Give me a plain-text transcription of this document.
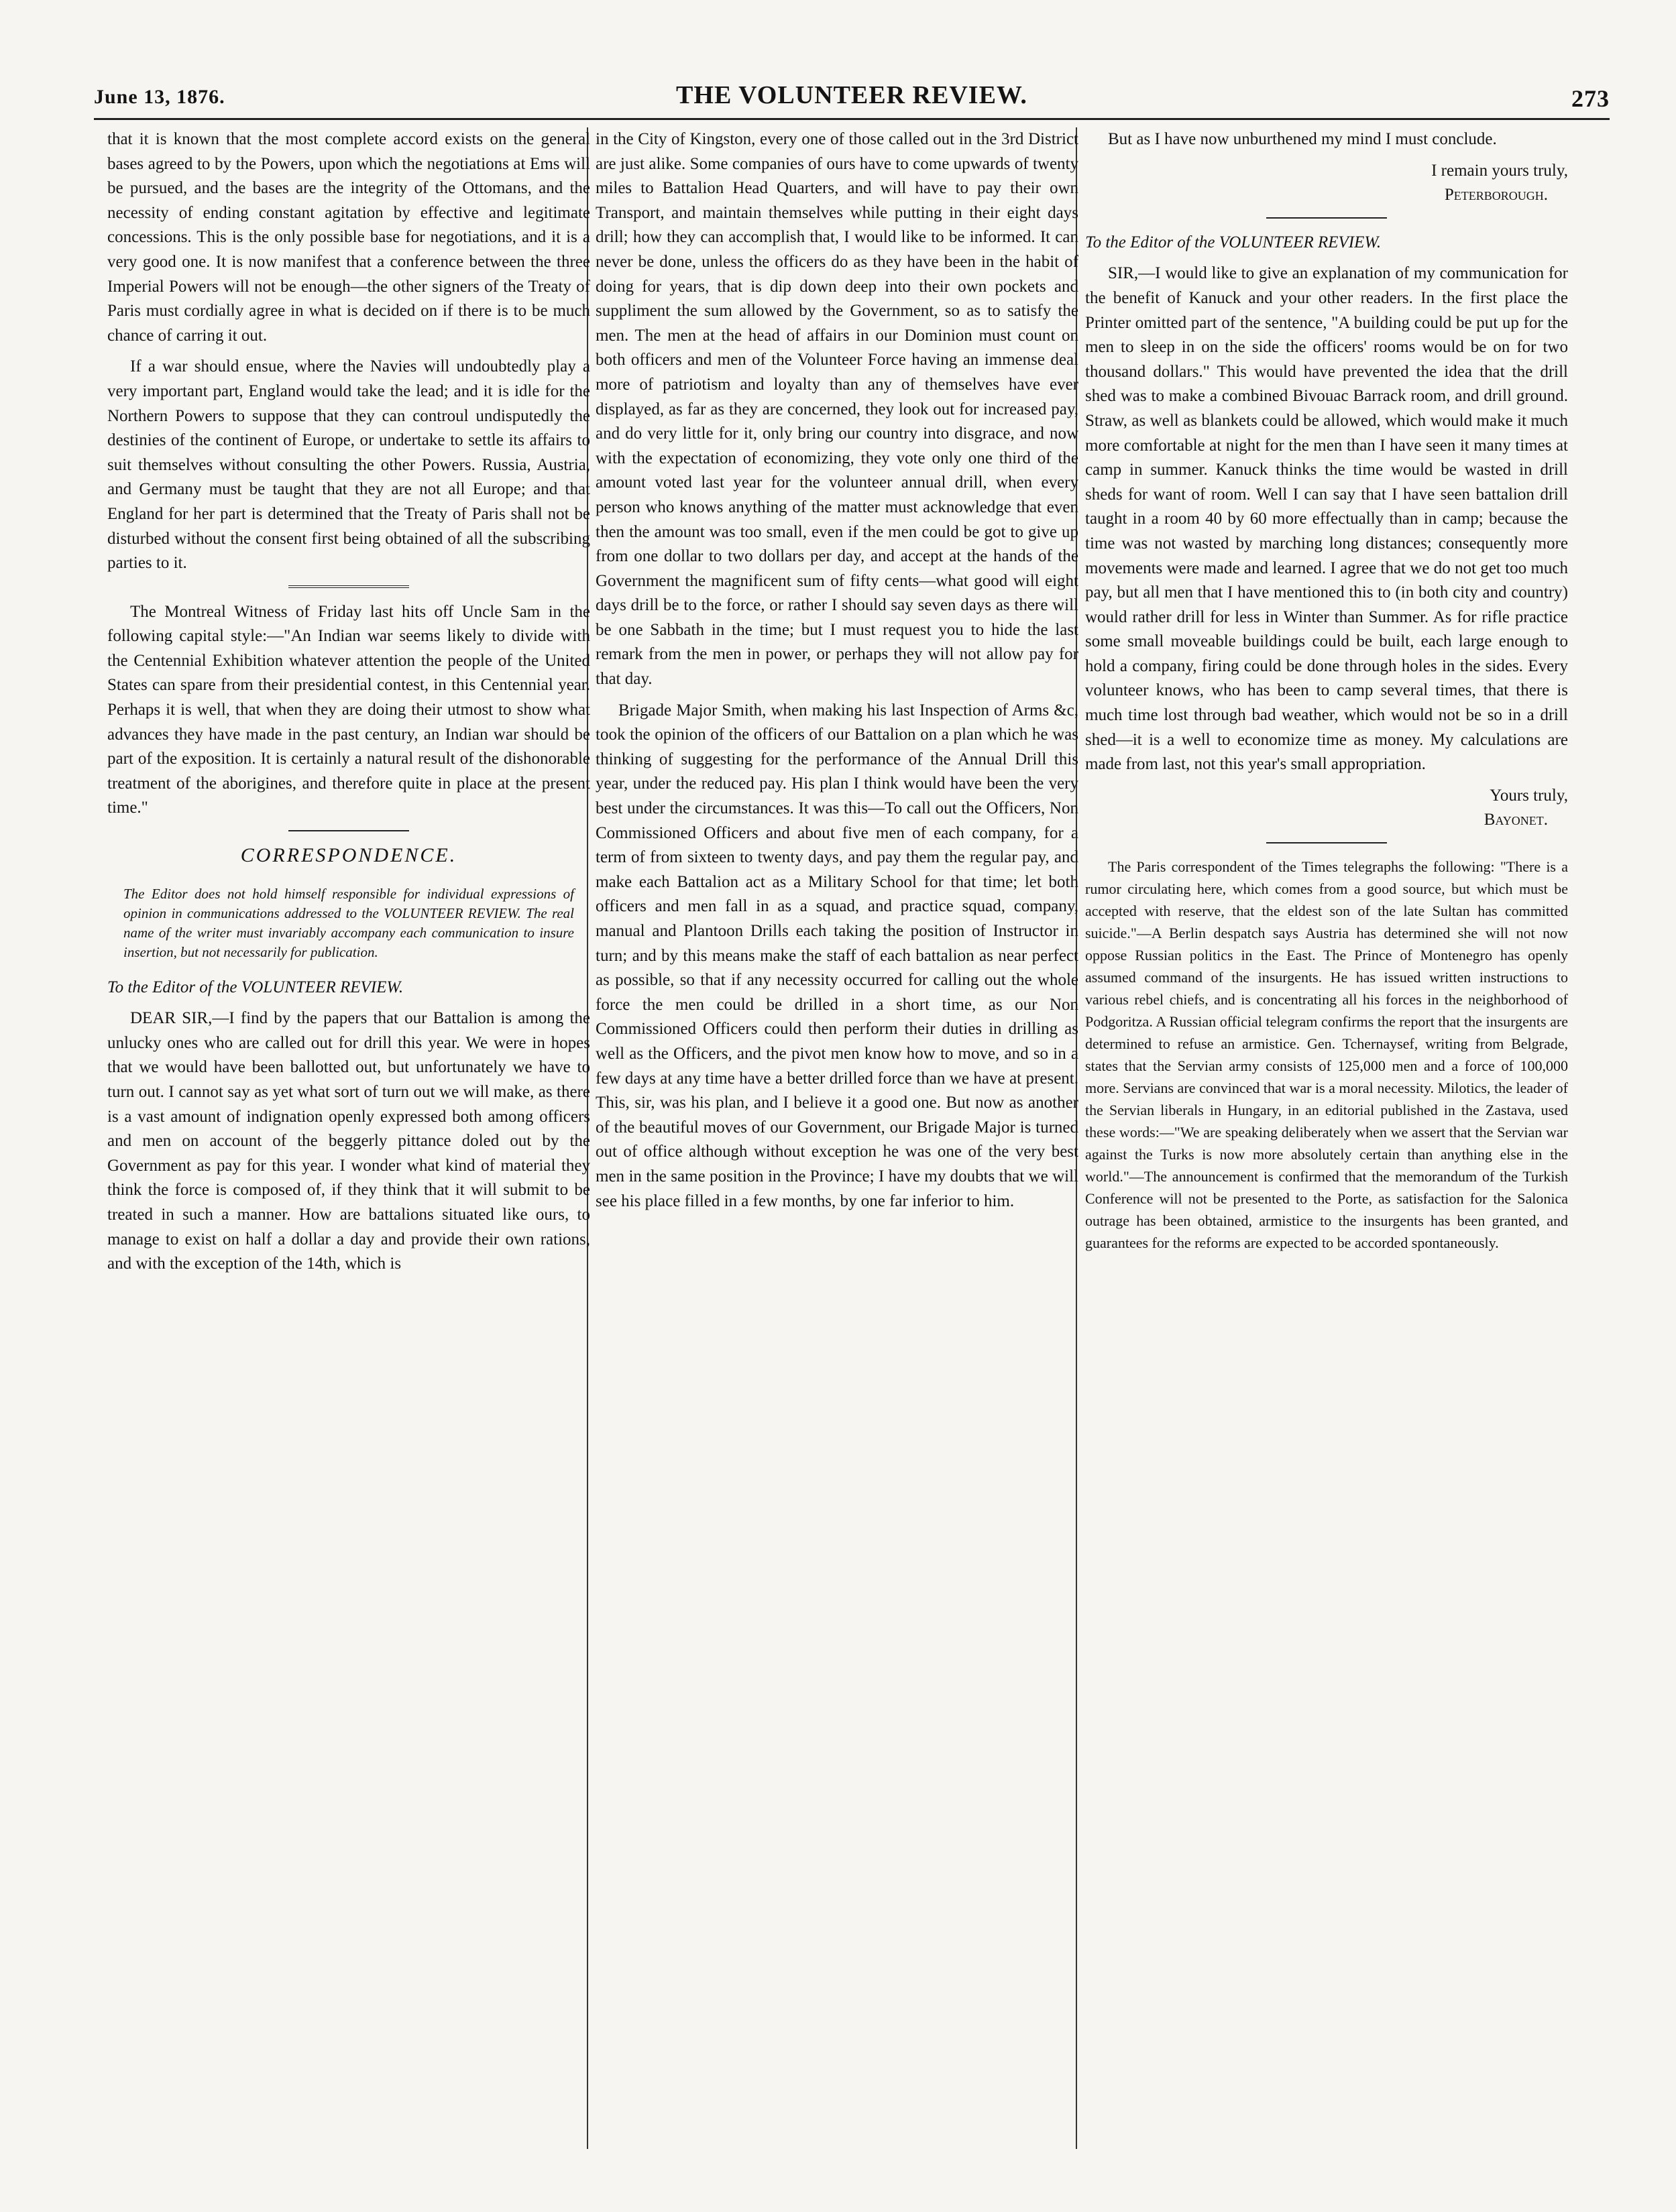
June 13, 1876.	THE VOLUNTEER REVIEW.	273

that it is known that the most complete accord exists on the general bases agreed to by the Powers, upon which the negotiations at Ems will be pursued, and the bases are the integrity of the Ottomans, and the necessity of ending constant agitation by effective and legitimate concessions. This is the only possible base for negotiations, and it is a very good one. It is now manifest that a conference between the three Imperial Powers will not be enough—the other signers of the Treaty of Paris must cordially agree in what is decided on if there is to be much chance of carring it out.

If a war should ensue, where the Navies will undoubtedly play a very important part, England would take the lead; and it is idle for the Northern Powers to suppose that they can controul undisputedly the destinies of the continent of Europe, or undertake to settle its affairs to suit themselves without consulting the other Powers. Russia, Austria, and Germany must be taught that they are not all Europe; and that England for her part is determined that the Treaty of Paris shall not be disturbed without the consent first being obtained of all the subscribing parties to it.

The Montreal Witness of Friday last hits off Uncle Sam in the following capital style:—"An Indian war seems likely to divide with the Centennial Exhibition whatever attention the people of the United States can spare from their presidential contest, in this Centennial year. Perhaps it is well, that when they are doing their utmost to show what advances they have made in the past century, an Indian war should be part of the exposition. It is certainly a natural result of the dishonorable treatment of the aborigines, and therefore quite in place at the present time."

CORRESPONDENCE.

The Editor does not hold himself responsible for individual expressions of opinion in communications addressed to the VOLUNTEER REVIEW. The real name of the writer must invariably accompany each communication to insure insertion, but not necessarily for publication.

To the Editor of the VOLUNTEER REVIEW.

DEAR SIR,—I find by the papers that our Battalion is among the unlucky ones who are called out for drill this year. We were in hopes that we would have been ballotted out, but unfortunately we have to turn out. I cannot say as yet what sort of turn out we will make, as there is a vast amount of indignation openly expressed both among officers and men on account of the beggerly pittance doled out by the Government as pay for this year. I wonder what kind of material they think the force is composed of, if they think that it will submit to be treated in such a manner. How are battalions situated like ours, to manage to exist on half a dollar a day and provide their own rations, and with the exception of the 14th, which is

in the City of Kingston, every one of those called out in the 3rd District are just alike. Some companies of ours have to come upwards of twenty miles to Battalion Head Quarters, and will have to pay their own Transport, and maintain themselves while putting in their eight days drill; how they can accomplish that, I would like to be informed. It can never be done, unless the officers do as they have been in the habit of doing for years, that is dip down deep into their own pockets and suppliment the sum allowed by the Government, so as to satisfy the men. The men at the head of affairs in our Dominion must count on both officers and men of the Volunteer Force having an immense deal more of patriotism and loyalty than any of themselves have ever displayed, as far as they are concerned, they look out for increased pay, and do very little for it, only bring our country into disgrace, and now with the expectation of economizing, they vote only one third of the amount voted last year for the volunteer annual drill, when every person who knows anything of the matter must acknowledge that even then the amount was too small, even if the men could be got to give up from one dollar to two dollars per day, and accept at the hands of the Government the magnificent sum of fifty cents—what good will eight days drill be to the force, or rather I should say seven days as there will be one Sabbath in the time; but I must request you to hide the last remark from the men in power, or perhaps they will not allow pay for that day.

Brigade Major Smith, when making his last Inspection of Arms &c, took the opinion of the officers of our Battalion on a plan which he was thinking of suggesting for the performance of the Annual Drill this year, under the reduced pay. His plan I think would have been the very best under the circumstances. It was this—To call out the Officers, Non Commissioned Officers and about five men of each company, for a term of from sixteen to twenty days, and pay them the regular pay, and make each Battalion act as a Military School for that time; let both officers and men fall in as a squad, and practice squad, company, manual and Plantoon Drills each taking the position of Instructor in turn; and by this means make the staff of each battalion as near perfect as possible, so that if any necessity occurred for calling out the whole force the men could be drilled in a short time, as our Non Commissioned Officers could then perform their duties in drilling as well as the Officers, and the pivot men know how to move, and so in a few days at any time have a better drilled force than we have at present. This, sir, was his plan, and I believe it a good one. But now as another of the beautiful moves of our Government, our Brigade Major is turned out of office although without exception he was one of the very best men in the same position in the Province; I have my doubts that we will see his place filled in a few months, by one far inferior to him.

But as I have now unburthened my mind I must conclude.

I remain yours truly,

Peterborough.

To the Editor of the VOLUNTEER REVIEW.

SIR,—I would like to give an explanation of my communication for the benefit of Kanuck and your other readers. In the first place the Printer omitted part of the sentence, "A building could be put up for the men to sleep in on the side the officers' rooms would be on for two thousand dollars." This would have prevented the idea that the drill shed was to make a combined Bivouac Barrack room, and drill ground. Straw, as well as blankets could be allowed, which would make it much more comfortable at night for the men than I have seen it many times at camp in summer. Kanuck thinks the time would be wasted in drill sheds for want of room. Well I can say that I have seen battalion drill taught in a room 40 by 60 more effectually than in camp; because the time was not wasted by marching long distances; consequently more movements were made and learned. I agree that we do not get too much pay, but all men that I have mentioned this to (in both city and country) would rather drill for less in Winter than Summer. As for rifle practice some small moveable buildings could be built, each large enough to hold a company, firing could be done through holes in the sides. Every volunteer knows, who has been to camp several times, that there is much time lost through bad weather, which would not be so in a drill shed—it is a well to economize time as money. My calculations are made from last, not this year's small appropriation.

Yours truly,

Bayonet.

The Paris correspondent of the Times telegraphs the following: "There is a rumor circulating here, which comes from a good source, but which must be accepted with reserve, that the eldest son of the late Sultan has committed suicide."—A Berlin despatch says Austria has determined she will not now oppose Russian politics in the East. The Prince of Montenegro has openly assumed command of the insurgents. He has issued written instructions to various rebel chiefs, and is concentrating all his forces in the neighborhood of Podgoritza. A Russian official telegram confirms the report that the insurgents are determined to refuse an armistice. Gen. Tchernaysef, writing from Belgrade, states that the Servian army consists of 125,000 men and a force of 100,000 more. Servians are convinced that war is a moral necessity. Milotics, the leader of the Servian liberals in Hungary, in an editorial published in the Zastava, used these words:—"We are speaking deliberately when we assert that the Servian war against the Turks is now more absolutely certain than anything else in the world."—The announcement is confirmed that the memorandum of the Turkish Conference will not be presented to the Porte, as satisfaction for the Salonica outrage has been obtained, armistice to the insurgents has been granted, and guarantees for the reforms are expected to be accorded spontaneously.
